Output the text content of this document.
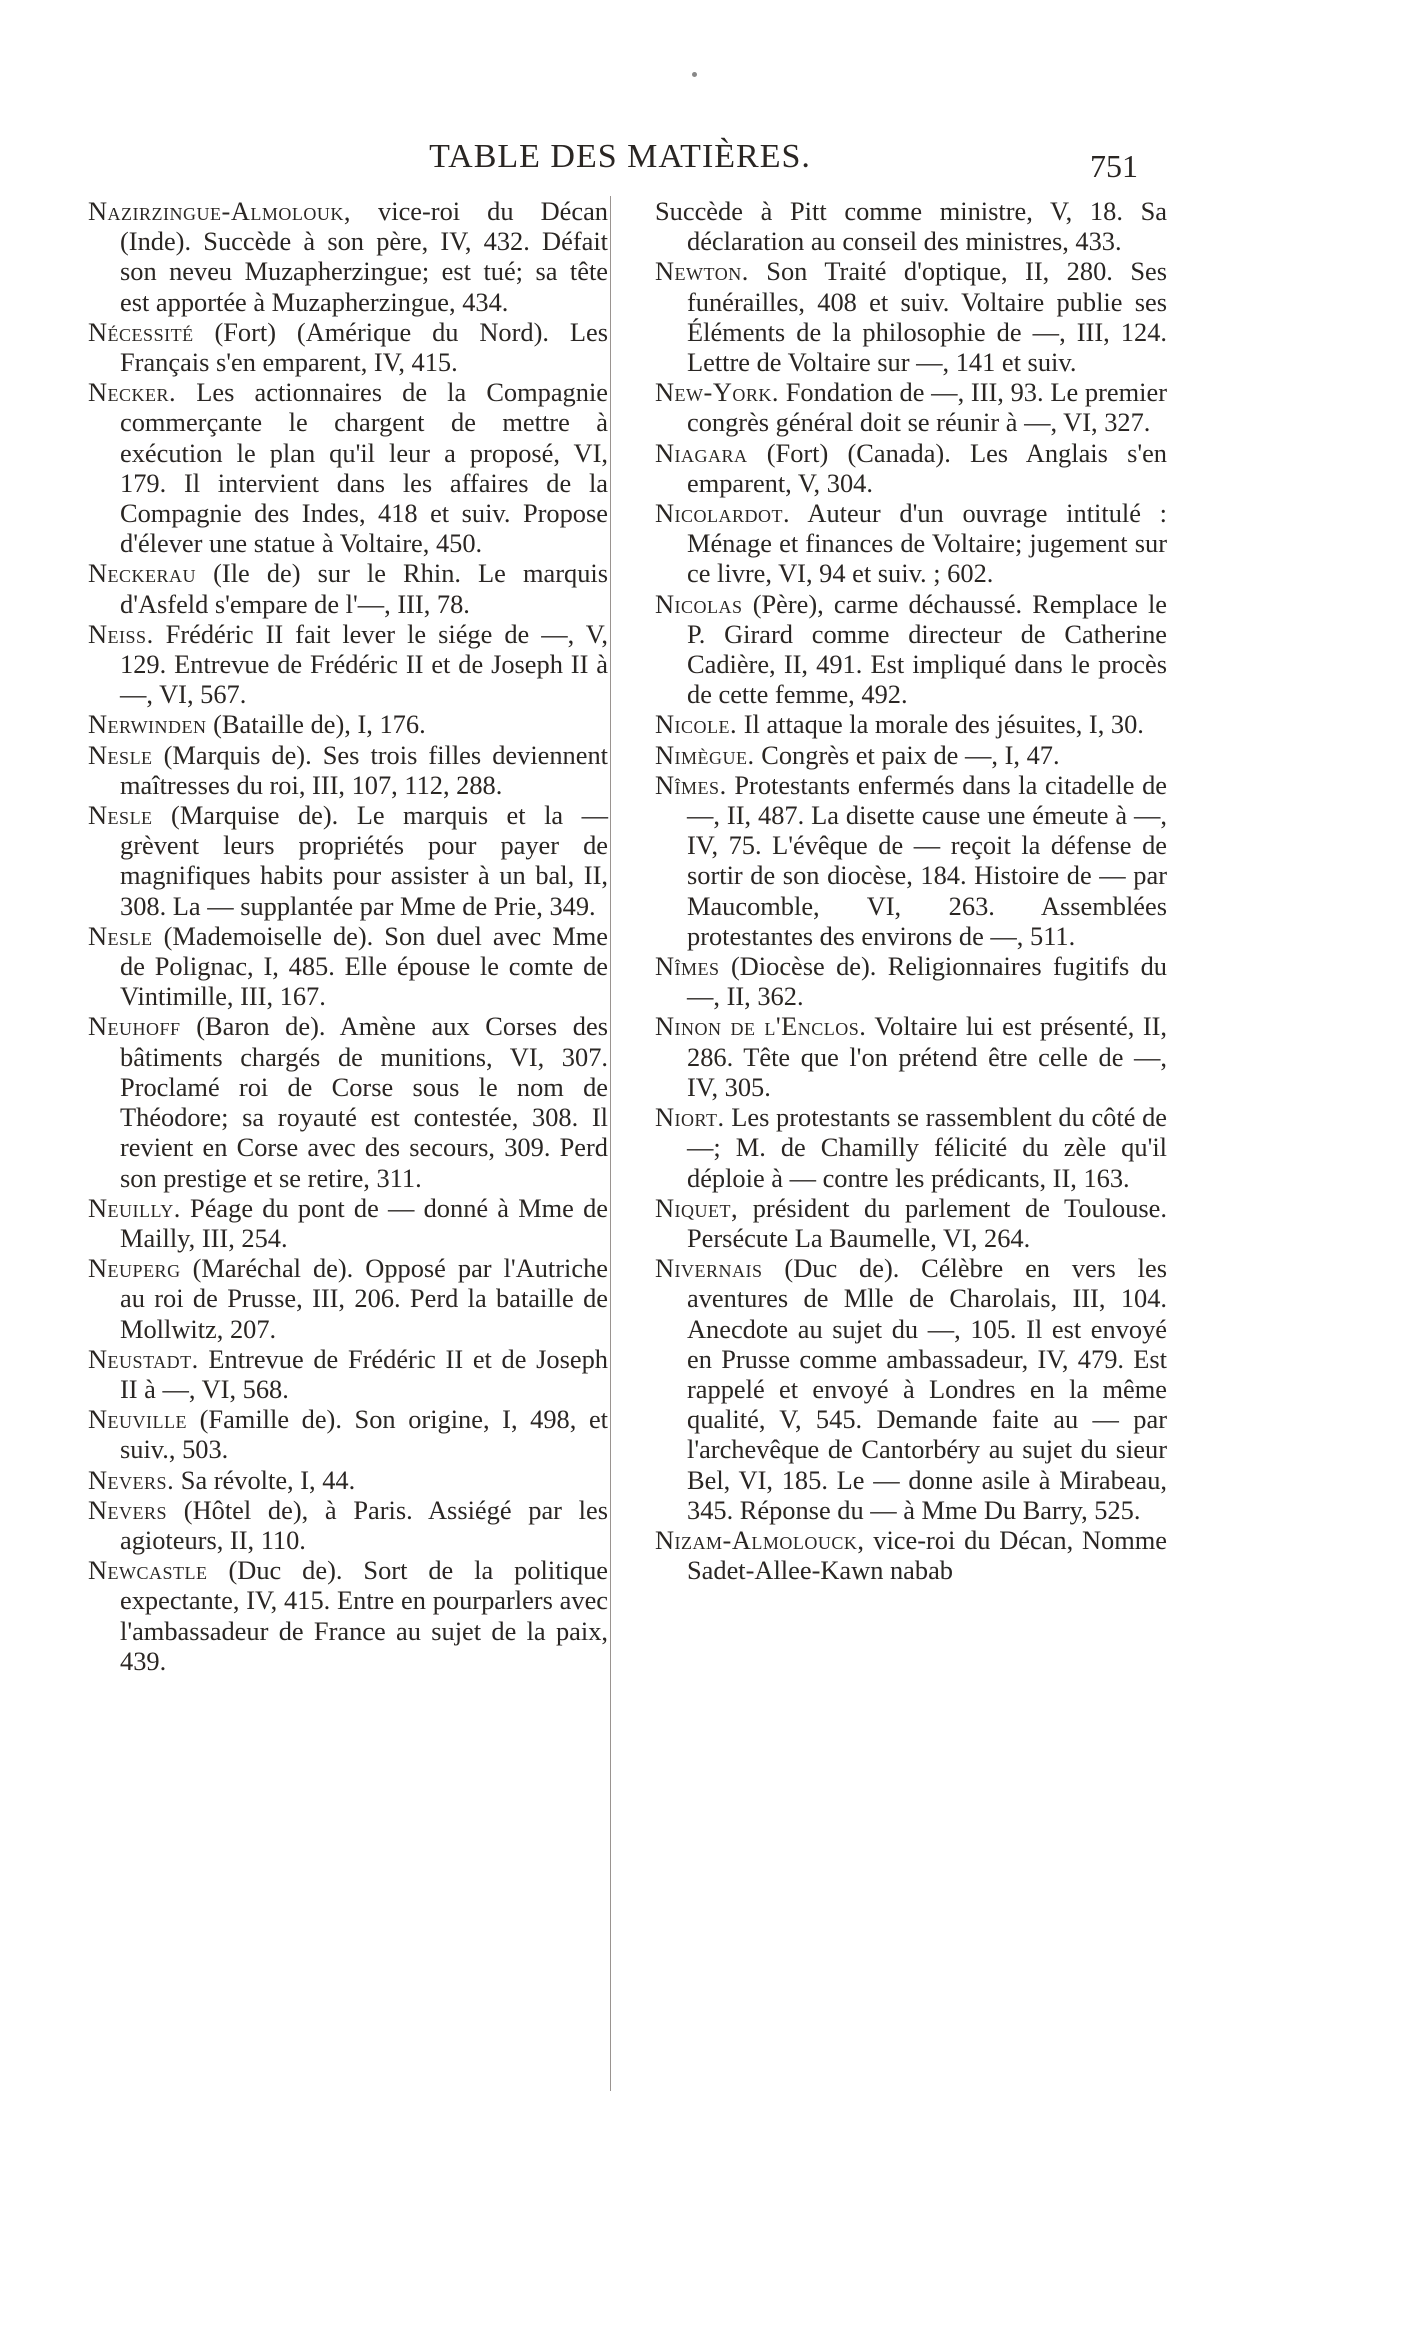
TABLE DES MATIÈRES.	751

Nazirzingue-Almolouk, vice-roi du Décan (Inde). Succède à son père, IV, 432. Défait son neveu Muzapherzingue; est tué; sa tête est apportée à Muzapherzingue, 434.

Nécessité (Fort) (Amérique du Nord). Les Français s'en emparent, IV, 415.

Necker. Les actionnaires de la Compagnie commerçante le chargent de mettre à exécution le plan qu'il leur a proposé, VI, 179. Il intervient dans les affaires de la Compagnie des Indes, 418 et suiv. Propose d'élever une statue à Voltaire, 450.

Neckerau (Ile de) sur le Rhin. Le marquis d'Asfeld s'empare de l'—, III, 78.

Neiss. Frédéric II fait lever le siége de —, V, 129. Entrevue de Frédéric II et de Joseph II à —, VI, 567.

Nerwinden (Bataille de), I, 176.

Nesle (Marquis de). Ses trois filles deviennent maîtresses du roi, III, 107, 112, 288.

Nesle (Marquise de). Le marquis et la — grèvent leurs propriétés pour payer de magnifiques habits pour assister à un bal, II, 308. La — supplantée par Mme de Prie, 349.

Nesle (Mademoiselle de). Son duel avec Mme de Polignac, I, 485. Elle épouse le comte de Vintimille, III, 167.

Neuhoff (Baron de). Amène aux Corses des bâtiments chargés de munitions, VI, 307. Proclamé roi de Corse sous le nom de Théodore; sa royauté est contestée, 308. Il revient en Corse avec des secours, 309. Perd son prestige et se retire, 311.

Neuilly. Péage du pont de — donné à Mme de Mailly, III, 254.

Neuperg (Maréchal de). Opposé par l'Autriche au roi de Prusse, III, 206. Perd la bataille de Mollwitz, 207.

Neustadt. Entrevue de Frédéric II et de Joseph II à —, VI, 568.

Neuville (Famille de). Son origine, I, 498, et suiv., 503.

Nevers. Sa révolte, I, 44.

Nevers (Hôtel de), à Paris. Assiégé par les agioteurs, II, 110.

Newcastle (Duc de). Sort de la politique expectante, IV, 415. Entre en pourparlers avec l'ambassadeur de France au sujet de la paix, 439.

Succède à Pitt comme ministre, V, 18. Sa déclaration au conseil des ministres, 433.

Newton. Son Traité d'optique, II, 280. Ses funérailles, 408 et suiv. Voltaire publie ses Éléments de la philosophie de —, III, 124. Lettre de Voltaire sur —, 141 et suiv.

New-York. Fondation de —, III, 93. Le premier congrès général doit se réunir à —, VI, 327.

Niagara (Fort) (Canada). Les Anglais s'en emparent, V, 304.

Nicolardot. Auteur d'un ouvrage intitulé : Ménage et finances de Voltaire; jugement sur ce livre, VI, 94 et suiv. ; 602.

Nicolas (Père), carme déchaussé. Remplace le P. Girard comme directeur de Catherine Cadière, II, 491. Est impliqué dans le procès de cette femme, 492.

Nicole. Il attaque la morale des jésuites, I, 30.

Nimègue. Congrès et paix de —, I, 47.

Nîmes. Protestants enfermés dans la citadelle de —, II, 487. La disette cause une émeute à —, IV, 75. L'évêque de — reçoit la défense de sortir de son diocèse, 184. Histoire de — par Maucomble, VI, 263. Assemblées protestantes des environs de —, 511.

Nîmes (Diocèse de). Religionnaires fugitifs du —, II, 362.

Ninon de l'Enclos. Voltaire lui est présenté, II, 286. Tête que l'on prétend être celle de —, IV, 305.

Niort. Les protestants se rassemblent du côté de —; M. de Chamilly félicité du zèle qu'il déploie à — contre les prédicants, II, 163.

Niquet, président du parlement de Toulouse. Persécute La Baumelle, VI, 264.

Nivernais (Duc de). Célèbre en vers les aventures de Mlle de Charolais, III, 104. Anecdote au sujet du —, 105. Il est envoyé en Prusse comme ambassadeur, IV, 479. Est rappelé et envoyé à Londres en la même qualité, V, 545. Demande faite au — par l'archevêque de Cantorbéry au sujet du sieur Bel, VI, 185. Le — donne asile à Mirabeau, 345. Réponse du — à Mme Du Barry, 525.

Nizam-Almolouck, vice-roi du Décan, Nomme Sadet-Allee-Kawn nabab
